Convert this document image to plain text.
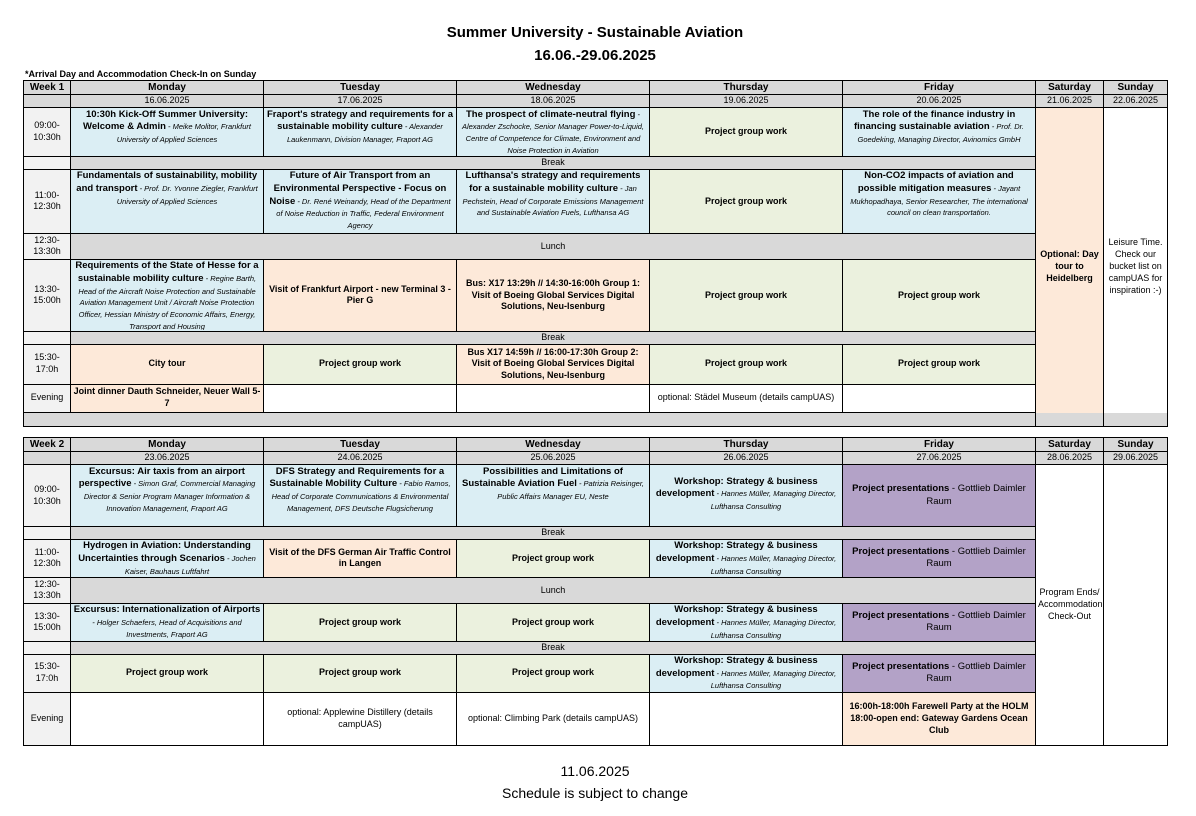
Summer University - Sustainable Aviation
16.06.-29.06.2025
*Arrival Day and Accommodation Check-In on Sunday
Week 1	Monday	Tuesday	Wednesday	Thursday	Friday	Saturday	Sunday
	16.06.2025	17.06.2025	18.06.2025	19.06.2025	20.06.2025	21.06.2025	22.06.2025
09:00-10:30h	10:30h Kick-Off Summer University: Welcome & Admin - Meike Molitor, Frankfurt University of Applied Sciences	Fraport's strategy and requirements for a sustainable mobility culture - Alexander Laukenmann, Division Manager, Fraport AG	The prospect of climate-neutral flying - Alexander Zschocke, Senior Manager Power-to-Liquid, Centre of Competence for Climate, Environment and Noise Protection in Aviation	Project group work	The role of the finance industry in financing sustainable aviation - Prof. Dr. Goedeking, Managing Director, Avinomics GmbH	Optional: Day tour to Heidelberg	Leisure Time. Check our bucket list on campUAS for inspiration :-)
	Break						
11:00-12:30h	Fundamentals of sustainability, mobility and transport - Prof. Dr. Yvonne Ziegler, Frankfurt University of Applied Sciences	Future of Air Transport from an Environmental Perspective - Focus on Noise - Dr. René Weinandy, Head of the Department of Noise Reduction in Traffic, Federal Environment Agency	Lufthansa's strategy and requirements for a sustainable mobility culture - Jan Pechstein, Head of Corporate Emissions Management and Sustainable Aviation Fuels, Lufthansa AG	Project group work	Non-CO2 impacts of aviation and possible mitigation measures - Jayant Mukhopadhaya, Senior Researcher, The international council on clean transportation.		

12:30-13:30h	Lunch						
13:30-15:00h	Requirements of the State of Hesse for a sustainable mobility culture - Regine Barth, Head of the Aircraft Noise Protection and Sustainable Aviation Management Unit / Aircraft Noise Protection Officer, Hessian Ministry of Economic Affairs, Energy, Transport and Housing	Visit of Frankfurt Airport - new Terminal 3 - Pier G	Bus: X17 13:29h // 14:30-16:00h Group 1: Visit of Boeing Global Services Digital Solutions, Neu-Isenburg	Project group work	Project group work		
	Break						
15:30-17:0h	City tour	Project group work	Bus X17 14:59h // 16:00-17:30h Group 2: Visit of Boeing Global Services Digital Solutions, Neu-Isenburg	Project group work	Project group work		
Evening	Joint dinner Dauth Schneider, Neuer Wall 5-7			optional: Städel Museum (details campUAS)			

Week 2	Monday	Tuesday	Wednesday	Thursday	Friday	Saturday	Sunday
	23.06.2025	24.06.2025	25.06.2025	26.06.2025	27.06.2025	28.06.2025	29.06.2025
09:00-10:30h	Excursus: Air taxis from an airport perspective - Simon Graf, Commercial Managing Director & Senior Program Manager Information & Innovation Management, Fraport AG	DFS Strategy and Requirements for a Sustainable Mobility Culture - Fabio Ramos, Head of Corporate Communications & Environmental Management, DFS Deutsche Flugsicherung	Possibilities and Limitations of Sustainable Aviation Fuel - Patrizia Reisinger, Public Affairs Manager EU, Neste	Workshop: Strategy & business development - Hannes Müller, Managing Director, Lufthansa Consulting	Project presentations - Gottlieb Daimler Raum	Program Ends/ Accommodation Check-Out	
	Break						
11:00-12:30h	Hydrogen in Aviation: Understanding Uncertainties through Scenarios - Jochen Kaiser, Bauhaus Luftfahrt	Visit of the DFS German Air Traffic Control in Langen	Project group work	Workshop: Strategy & business development - Hannes Müller, Managing Director, Lufthansa Consulting	Project presentations - Gottlieb Daimler Raum		
12:30-13:30h	Lunch						
13:30-15:00h	Excursus: Internationalization of Airports - Holger Schaefers, Head of Acquisitions and Investments, Fraport AG	Project group work	Project group work	Workshop: Strategy & business development - Hannes Müller, Managing Director, Lufthansa Consulting	Project presentations - Gottlieb Daimler Raum		
	Break						
15:30-17:0h	Project group work	Project group work	Project group work	Workshop: Strategy & business development - Hannes Müller, Managing Director, Lufthansa Consulting	Project presentations - Gottlieb Daimler Raum		
Evening		optional: Applewine Distillery (details campUAS)	optional: Climbing Park (details campUAS)		16:00h-18:00h Farewell Party at the HOLM
18:00-open end: Gateway Gardens Ocean Club		
11.06.2025
Schedule is subject to change
